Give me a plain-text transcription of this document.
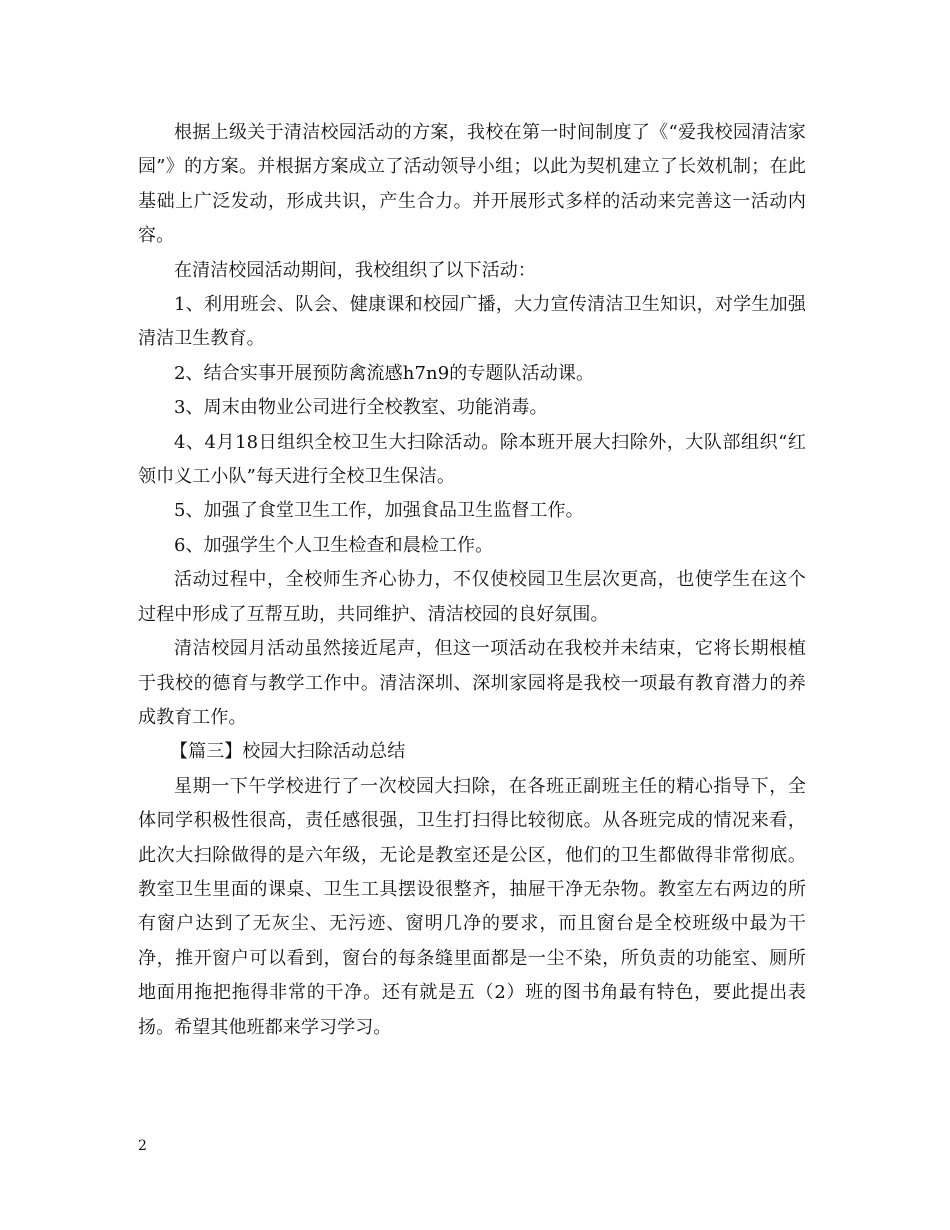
根据上级关于清洁校园活动的方案，我校在第一时间制度了《“爱我校园清洁家园”》的方案。并根据方案成立了活动领导小组；以此为契机建立了长效机制；在此基础上广泛发动，形成共识，产生合力。并开展形式多样的活动来完善这一活动内容。

在清洁校园活动期间，我校组织了以下活动：

1、利用班会、队会、健康课和校园广播，大力宣传清洁卫生知识，对学生加强清洁卫生教育。

2、结合实事开展预防禽流感h7n9的专题队活动课。

3、周末由物业公司进行全校教室、功能消毒。

4、4月18日组织全校卫生大扫除活动。除本班开展大扫除外，大队部组织“红领巾义工小队”每天进行全校卫生保洁。

5、加强了食堂卫生工作，加强食品卫生监督工作。

6、加强学生个人卫生检查和晨检工作。

活动过程中，全校师生齐心协力，不仅使校园卫生层次更高，也使学生在这个过程中形成了互帮互助，共同维护、清洁校园的良好氛围。

清洁校园月活动虽然接近尾声，但这一项活动在我校并未结束，它将长期根植于我校的德育与教学工作中。清洁深圳、深圳家园将是我校一项最有教育潜力的养成教育工作。

【篇三】校园大扫除活动总结

星期一下午学校进行了一次校园大扫除，在各班正副班主任的精心指导下，全体同学积极性很高，责任感很强，卫生打扫得比较彻底。从各班完成的情况来看，此次大扫除做得的是六年级，无论是教室还是公区，他们的卫生都做得非常彻底。教室卫生里面的课桌、卫生工具摆设很整齐，抽屉干净无杂物。教室左右两边的所有窗户达到了无灰尘、无污迹、窗明几净的要求，而且窗台是全校班级中最为干净，推开窗户可以看到，窗台的每条缝里面都是一尘不染，所负责的功能室、厕所地面用拖把拖得非常的干净。还有就是五（2）班的图书角最有特色，要此提出表扬。希望其他班都来学习学习。

2
